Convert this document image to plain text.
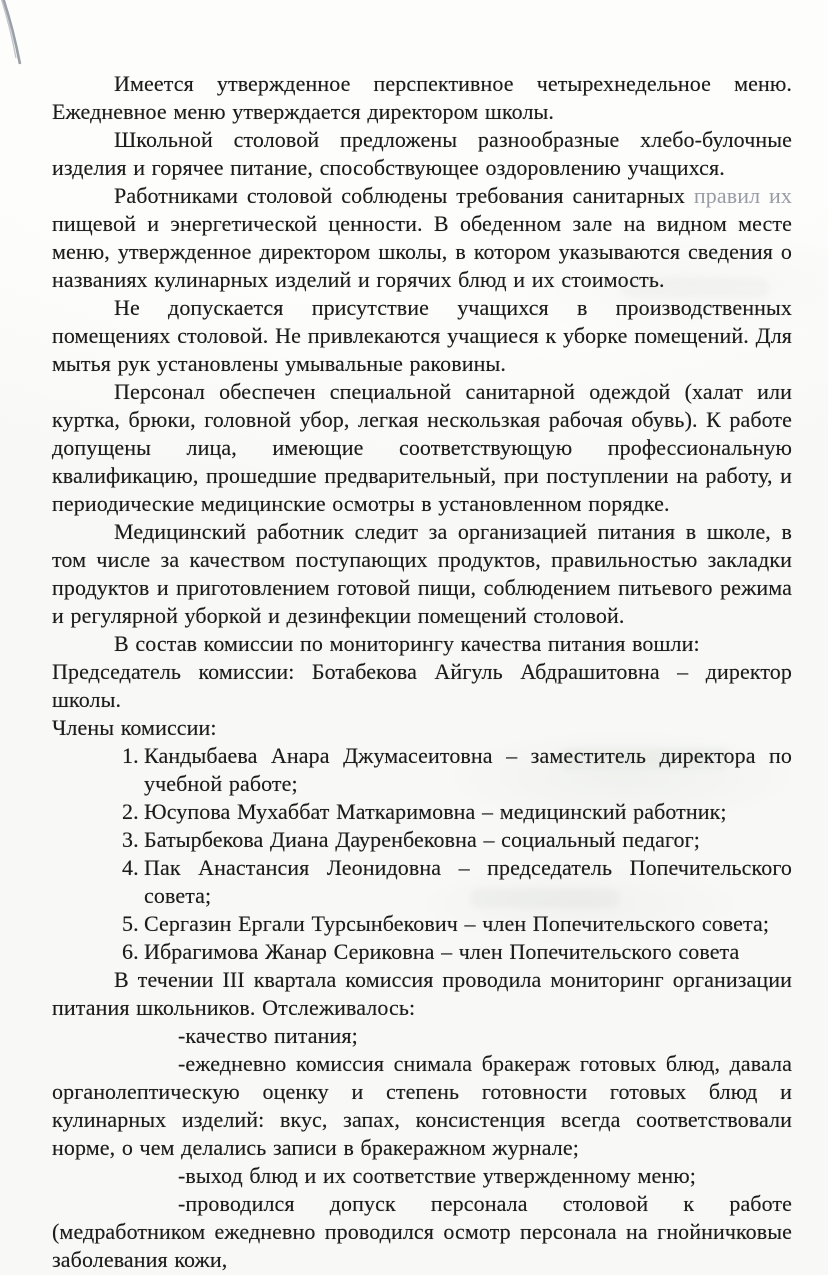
Имеется утвержденное перспективное четырехнедельное меню. Ежедневное меню утверждается директором школы.

Школьной столовой предложены разнообразные хлебо-булочные изделия и горячее питание, способствующее оздоровлению учащихся.

Работниками столовой соблюдены требования санитарных правил их пищевой и энергетической ценности. В обеденном зале на видном месте меню, утвержденное директором школы, в котором указываются сведения о названиях кулинарных изделий и горячих блюд и их стоимость.

Не допускается присутствие учащихся в производственных помещениях столовой. Не привлекаются учащиеся к уборке помещений. Для мытья рук установлены умывальные раковины.

Персонал обеспечен специальной санитарной одеждой (халат или куртка, брюки, головной убор, легкая нескользкая рабочая обувь). К работе допущены лица, имеющие соответствующую профессиональную квалификацию, прошедшие предварительный, при поступлении на работу, и периодические медицинские осмотры в установленном порядке.

Медицинский работник следит за организацией питания в школе, в том числе за качеством поступающих продуктов, правильностью закладки продуктов и приготовлением готовой пищи, соблюдением питьевого режима и регулярной уборкой и дезинфекции помещений столовой.

В состав комиссии по мониторингу качества питания вошли:

Председатель комиссии: Ботабекова Айгуль Абдрашитовна – директор школы.

Члены комиссии:

1. Кандыбаева Анара Джумасеитовна – заместитель директора по учебной работе;
2. Юсупова Мухаббат Маткаримовна – медицинский работник;
3. Батырбекова Диана Дауренбековна – социальный педагог;
4. Пак Анастансия Леонидовна – председатель Попечительского совета;
5. Сергазин Ергали Турсынбекович – член Попечительского совета;
6. Ибрагимова Жанар Сериковна – член Попечительского совета

В течении III квартала комиссия проводила мониторинг организации питания школьников. Отслеживалось:

-качество питания;

-ежедневно комиссия снимала бракераж готовых блюд, давала органолептическую оценку и степень готовности готовых блюд и кулинарных изделий: вкус, запах, консистенция всегда соответствовали норме, о чем делались записи в бракеражном журнале;

-выход блюд и их соответствие утвержденному меню;

-проводился допуск персонала столовой к работе (медработником ежедневно проводился осмотр персонала на гнойничковые заболевания кожи,
